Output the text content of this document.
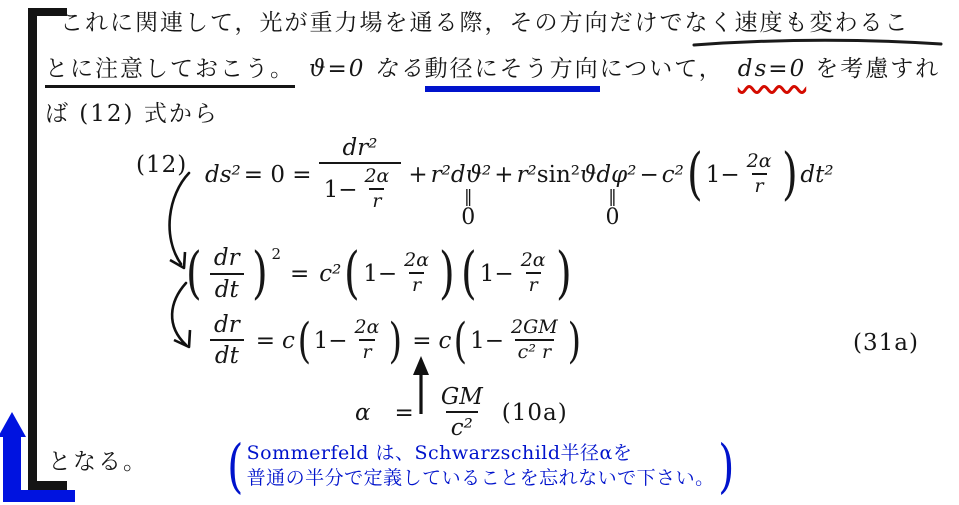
これに関連して，光が重力場を通る際，その方向だけでなく速度も変わるこ
とに注意しておこう。 ϑ=0 なる動径にそう方向について， ds=0 を考慮すれ
ば (12) 式から
(12) $ds^2 = 0 = \frac{\text{dr²}}{1- \frac{2\alpha}{r}} + r^2dϑ^2$
‖
0
+ r²sin²ϑdφ²
‖
0
− c² ( $1- \frac{2\alpha}{r}$ ) dt²
( $\frac{dr}{dt}$ ) 2
= c² ( $1- \frac{2\alpha}{r}$ ) ( $1- \frac{2\alpha}{r}$ )
$\frac{dr}{dt} = c$ ( $1- \frac{2\alpha}{r}$ ) = c ( $1- \frac{2GM}{\text{c² r}}$ )	(31a)
$\alpha = \frac{GM}{\text{c²}} (10a)$
となる。 ( Sommerfeld は、Schwarzschild半径αを
普通の半分で定義していることを忘れないで下さい。 )
